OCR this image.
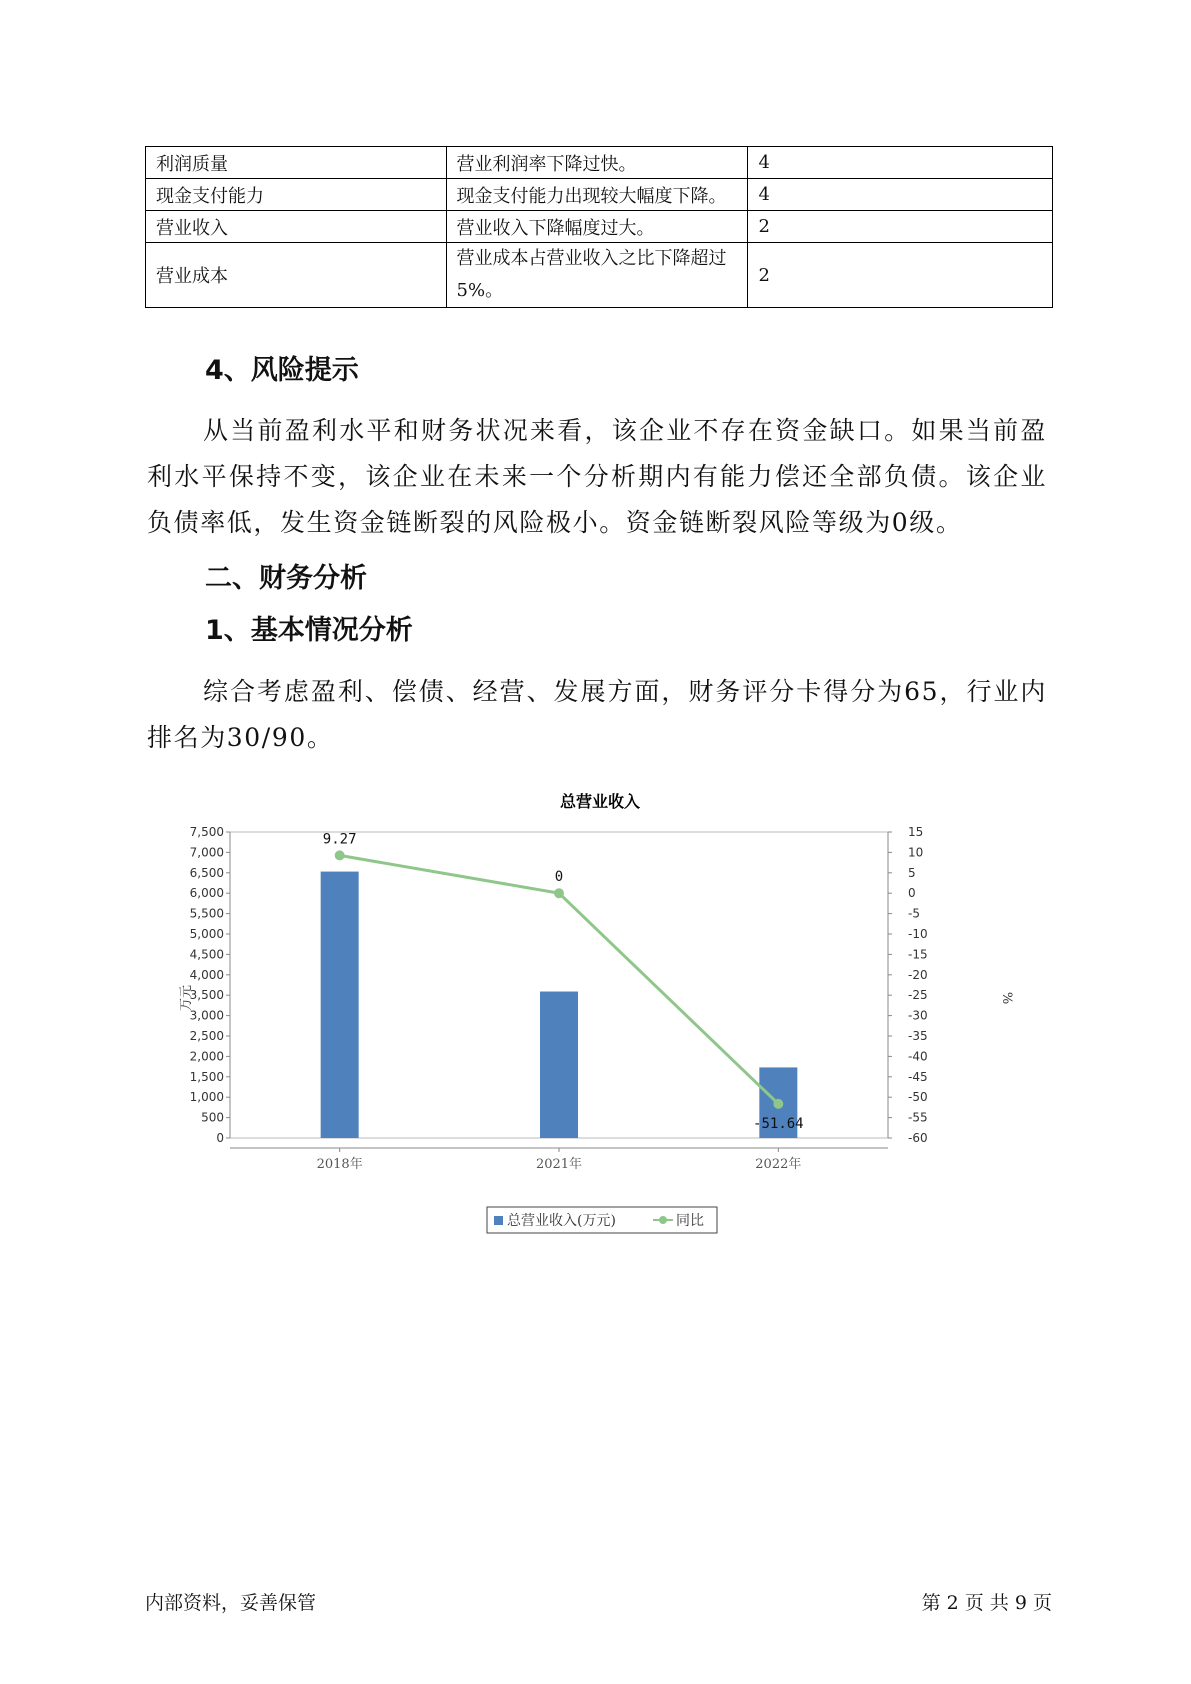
利润质量	营业利润率下降过快。	4
现金支付能力	现金支付能力出现较大幅度下降。	4
营业收入	营业收入下降幅度过大。	2
营业成本	营业成本占营业收入之比下降超过5%。	2
4、风险提示

从当前盈利水平和财务状况来看，该企业不存在资金缺口。如果当前盈利水平保持不变，该企业在未来一个分析期内有能力偿还全部负债。该企业负债率低，发生资金链断裂的风险极小。资金链断裂风险等级为0级。

二、财务分析
1、基本情况分析

综合考虑盈利、偿债、经营、发展方面，财务评分卡得分为65，行业内排名为30/90。

总营业收入
9.27
0
-51.64
0
500
1,000
1,500
2,000
2,500
3,000
3,500
4,000
4,500
5,000
5,500
6,000
6,500
7,000
7,500
-60
-55
-50
-45
-40
-35
-30
-25
-20
-15
-10
-5
0
5
10
15
2018年	2021年	2022年
万元	%
总营业收入(万元)	同比
内部资料，妥善保管	第 2 页 共 9 页
